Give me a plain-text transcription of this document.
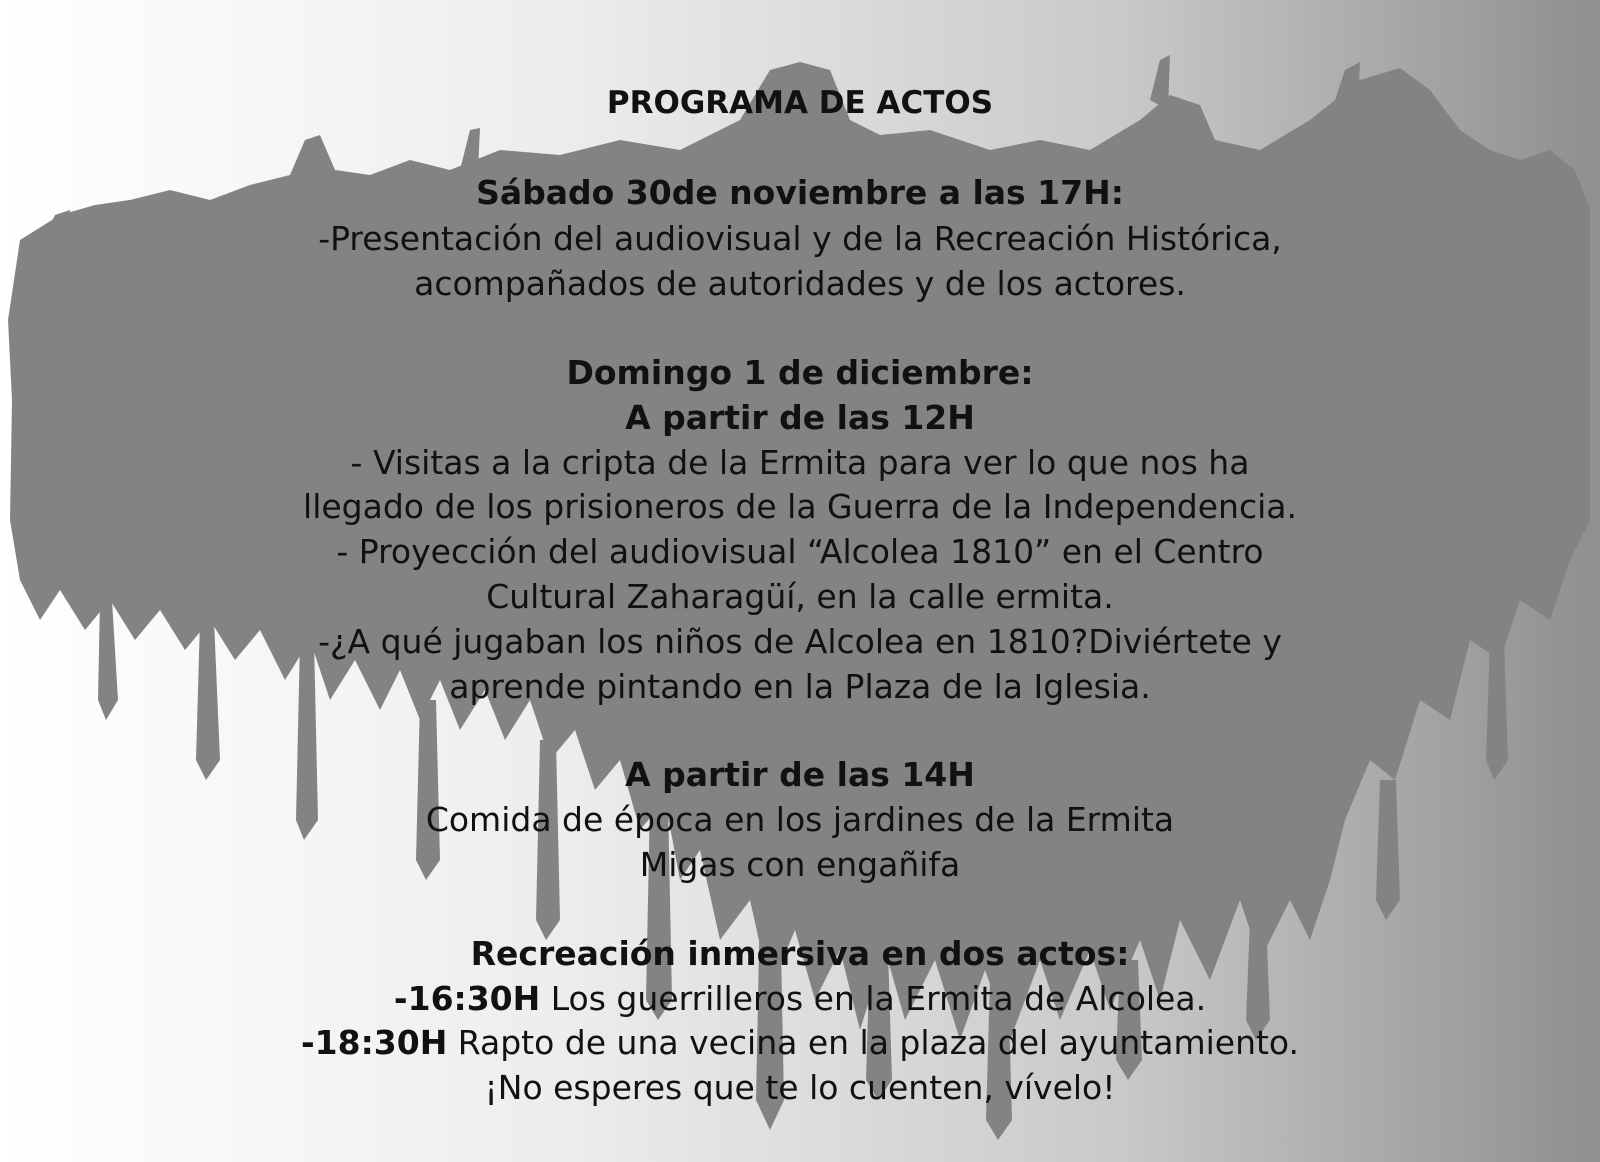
PROGRAMA DE ACTOS
Sábado 30de noviembre a las 17H:
-Presentación del audiovisual y de la Recreación Histórica,
acompañados de autoridades y de los actores.
Domingo 1 de diciembre:
A partir de las 12H
- Visitas a la cripta de la Ermita para ver lo que nos ha
llegado de los prisioneros de la Guerra de la Independencia.
- Proyección del audiovisual “Alcolea 1810” en el Centro
Cultural Zaharagüí, en la calle ermita.
-¿A qué jugaban los niños de Alcolea en 1810?Diviértete y
aprende pintando en la Plaza de la Iglesia.
A partir de las 14H
Comida de época en los jardines de la Ermita
Migas con engañifa
Recreación inmersiva en dos actos:
-16:30H Los guerrilleros en la Ermita de Alcolea.
-18:30H Rapto de una vecina en la plaza del ayuntamiento.
¡No esperes que te lo cuenten, vívelo!
